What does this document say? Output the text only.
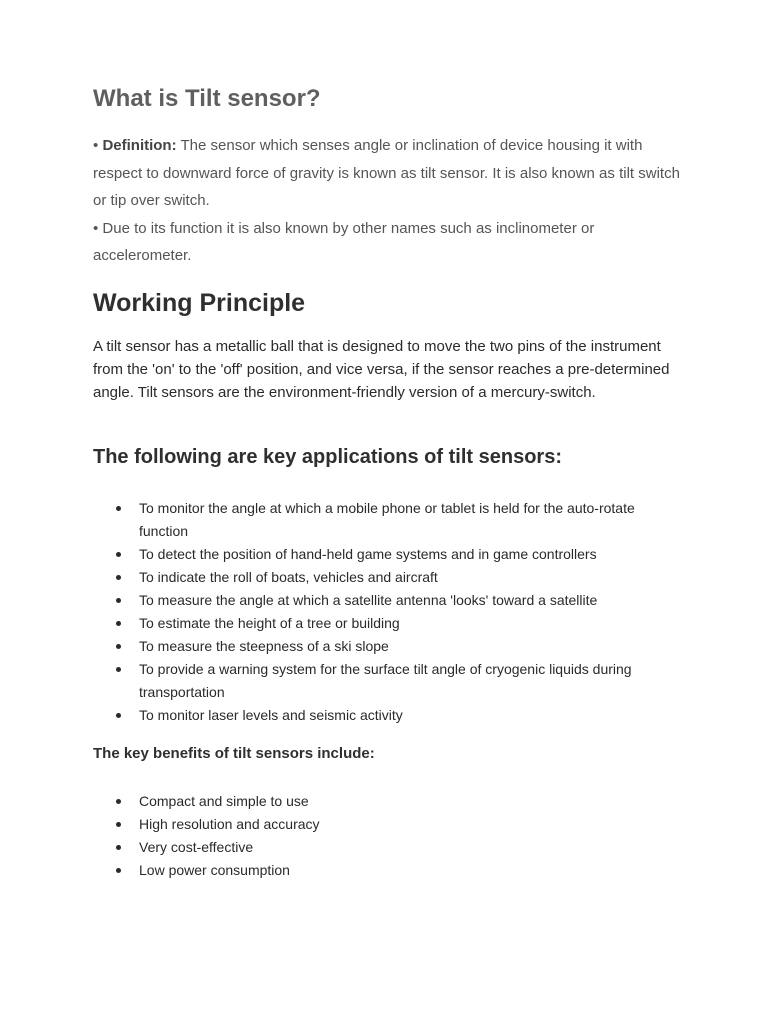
What is Tilt sensor?

• Definition: The sensor which senses angle or inclination of device housing it with respect to downward force of gravity is known as tilt sensor. It is also known as tilt switch or tip over switch.

• Due to its function it is also known by other names such as inclinometer or accelerometer.

Working Principle

A tilt sensor has a metallic ball that is designed to move the two pins of the instrument from the 'on' to the 'off' position, and vice versa, if the sensor reaches a pre-determined angle. Tilt sensors are the environment-friendly version of a mercury-switch.

The following are key applications of tilt sensors:
To monitor the angle at which a mobile phone or tablet is held for the auto-rotate function
To detect the position of hand-held game systems and in game controllers
To indicate the roll of boats, vehicles and aircraft
To measure the angle at which a satellite antenna 'looks' toward a satellite
To estimate the height of a tree or building
To measure the steepness of a ski slope
To provide a warning system for the surface tilt angle of cryogenic liquids during transportation
To monitor laser levels and seismic activity
The key benefits of tilt sensors include:
Compact and simple to use
High resolution and accuracy
Very cost-effective
Low power consumption
